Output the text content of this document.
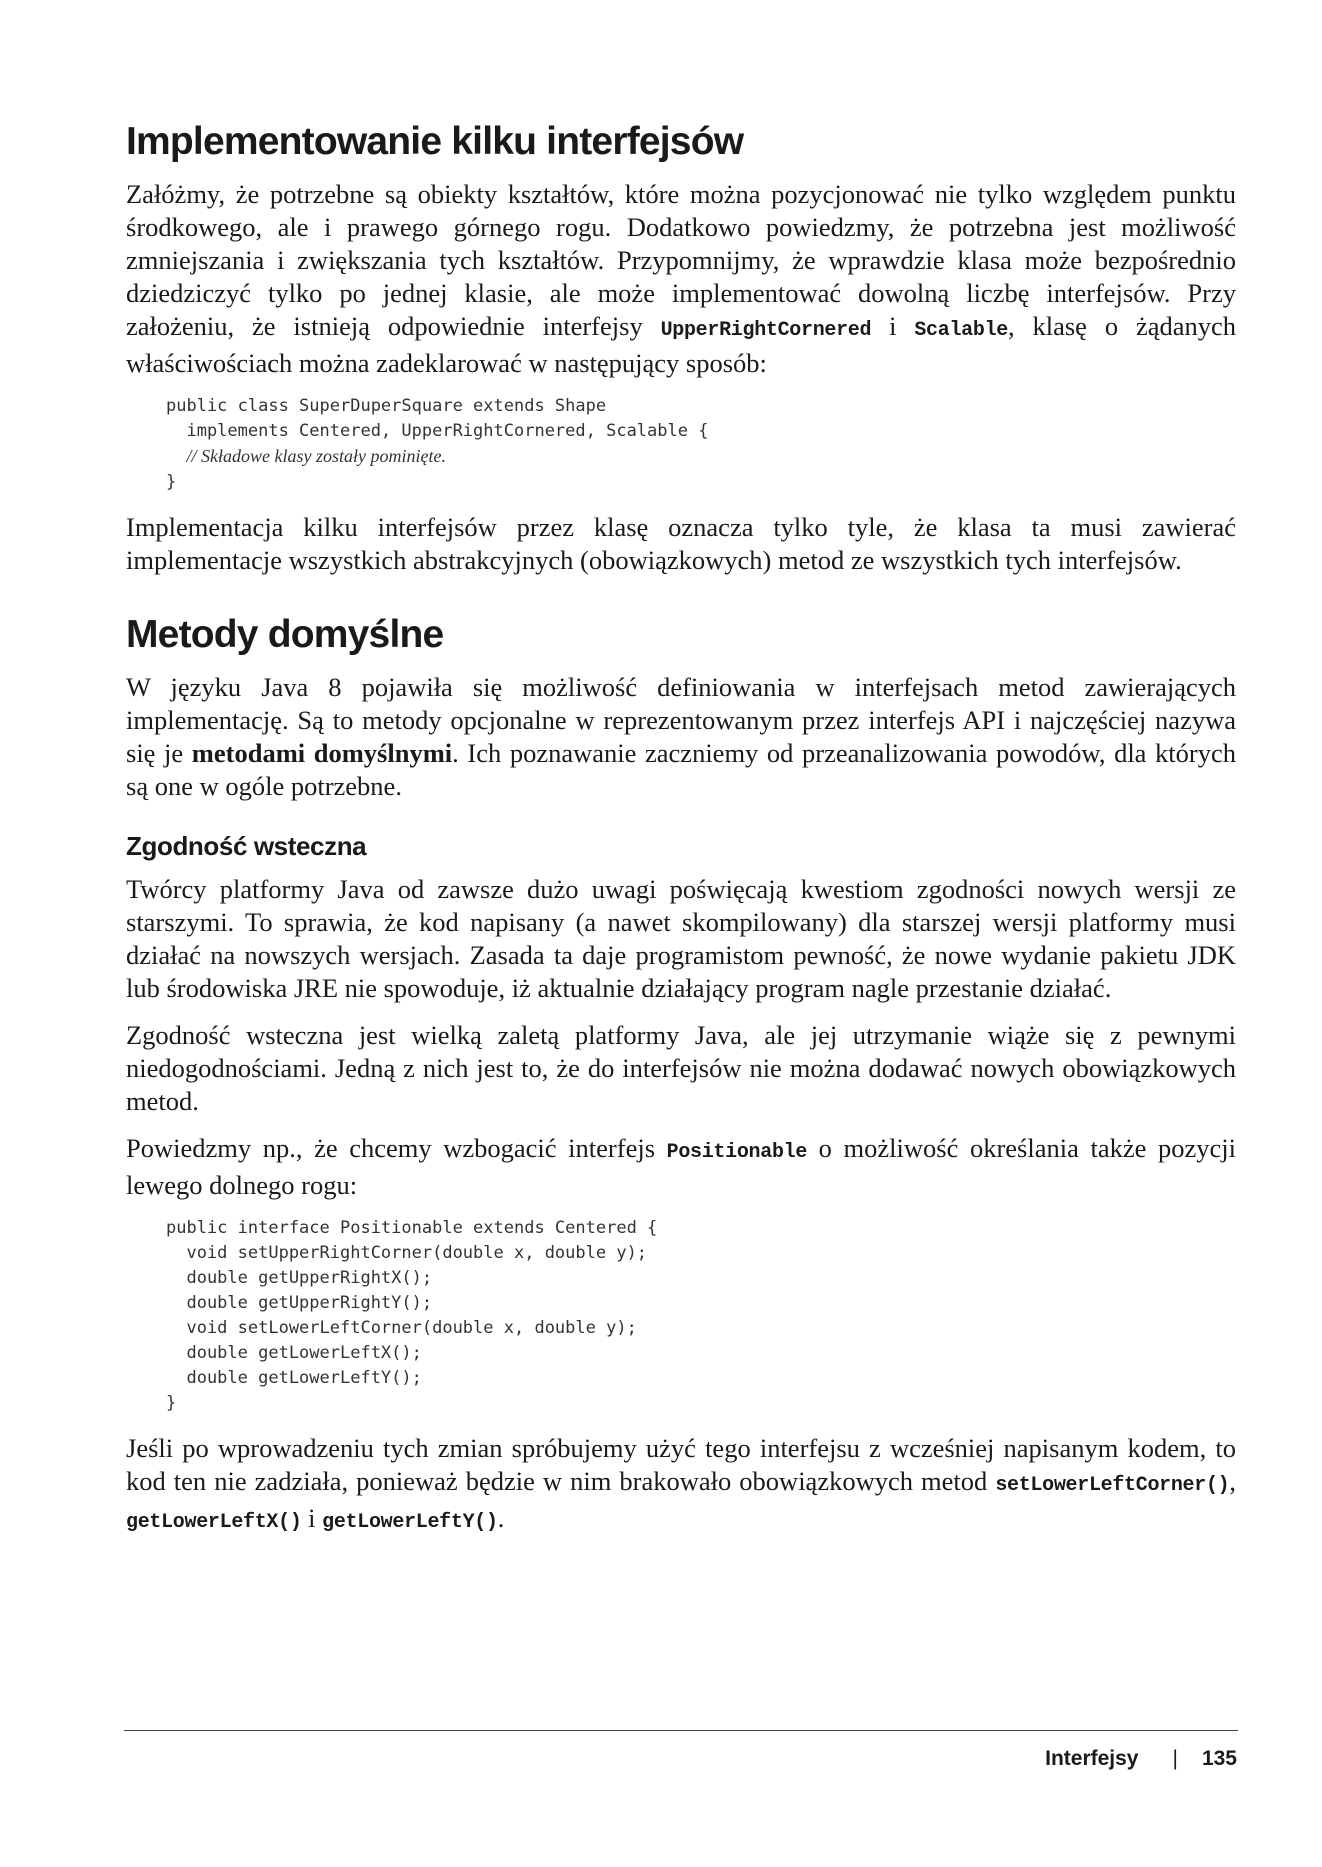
Implementowanie kilku interfejsów

Załóżmy, że potrzebne są obiekty kształtów, które można pozycjonować nie tylko względem punktu środkowego, ale i prawego górnego rogu. Dodatkowo powiedzmy, że potrzebna jest możliwość zmniejszania i zwiększania tych kształtów. Przypomnijmy, że wprawdzie klasa może bezpośrednio dziedziczyć tylko po jednej klasie, ale może implementować dowolną liczbę interfejsów. Przy założeniu, że istnieją odpowiednie interfejsy UpperRightCornered i Scalable, klasę o żądanych właściwościach można zadeklarować w następujący sposób:

public class SuperDuperSquare extends Shape
implements Centered, UpperRightCornered, Scalable {
// Składowe klasy zostały pominięte.
}

Implementacja kilku interfejsów przez klasę oznacza tylko tyle, że klasa ta musi zawierać implementacje wszystkich abstrakcyjnych (obowiązkowych) metod ze wszystkich tych interfejsów.

Metody domyślne

W języku Java 8 pojawiła się możliwość definiowania w interfejsach metod zawierających implementację. Są to metody opcjonalne w reprezentowanym przez interfejs API i najczęściej nazywa się je metodami domyślnymi. Ich poznawanie zaczniemy od przeanalizowania powodów, dla których są one w ogóle potrzebne.

Zgodność wsteczna

Twórcy platformy Java od zawsze dużo uwagi poświęcają kwestiom zgodności nowych wersji ze starszymi. To sprawia, że kod napisany (a nawet skompilowany) dla starszej wersji platformy musi działać na nowszych wersjach. Zasada ta daje programistom pewność, że nowe wydanie pakietu JDK lub środowiska JRE nie spowoduje, iż aktualnie działający program nagle przestanie działać.

Zgodność wsteczna jest wielką zaletą platformy Java, ale jej utrzymanie wiąże się z pewnymi niedogodnościami. Jedną z nich jest to, że do interfejsów nie można dodawać nowych obowiązkowych metod.

Powiedzmy np., że chcemy wzbogacić interfejs Positionable o możliwość określania także pozycji lewego dolnego rogu:

public interface Positionable extends Centered {
void setUpperRightCorner(double x, double y);
double getUpperRightX();
double getUpperRightY();
void setLowerLeftCorner(double x, double y);
double getLowerLeftX();
double getLowerLeftY();
}

Jeśli po wprowadzeniu tych zmian spróbujemy użyć tego interfejsu z wcześniej napisanym kodem, to kod ten nie zadziała, ponieważ będzie w nim brakowało obowiązkowych metod setLowerLeftCorner(), getLowerLeftX() i getLowerLeftY().

Interfejsy | 135
